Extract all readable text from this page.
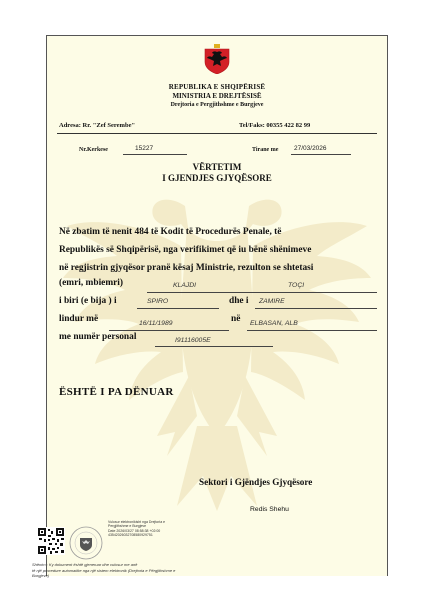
REPUBLIKA E SHQIPËRISË
MINISTRIA E DREJTËSISË
Drejtoria e Pergjithshme e Burgjeve
Adresa: Rr. "Zef Serembe"	Tel/Faks: 00355 422 82 99
Nr.Kerkese	15227	Tirane me 27/03/2026
VËRTETIM
I GJENDJES GJYQËSORE
Në zbatim të nenit 484 të Kodit të Procedurës Penale, të
Republikës së Shqipërisë, nga verifikimet që iu bënë shënimeve
në regjistrin gjyqësor pranë kësaj Ministrie, rezulton se shtetasi
(emri, mbiemri)	KLAJDI	TOÇI
i biri (e bija ) i	SPIRO	dhe i ZAMIRE
lindur më	16/11/1989	në ELBASAN, ALB
me numër personal	I91116005E
ËSHTË I PA DËNUAR
Sektori i Gjëndjes Gjyqësore
Redis Shehu
Vulosur elektronikisht nga Drejtoria e
Pergjithshme e Burgjeve
Date 2026/03/27 08:58:38 +02:00
43542026032708580929751
Shënim : Ky dokument është gjeneruar dhe vulosur me anë
të një procedure automatike nga një sistem elektronik (Drejtoria e Përgjithshme e
Burgjeve)
